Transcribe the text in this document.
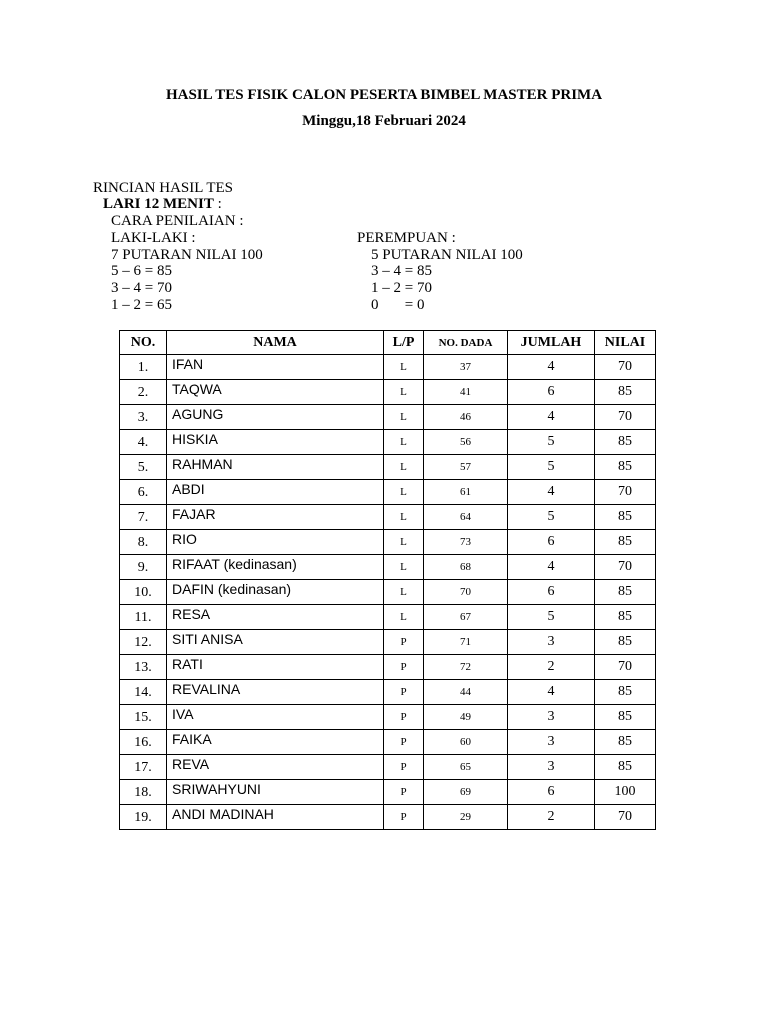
HASIL TES FISIK CALON PESERTA BIMBEL MASTER PRIMA
Minggu,18 Februari 2024
RINCIAN HASIL TES
LARI 12 MENIT :
CARA PENILAIAN :
LAKI-LAKI :
7 PUTARAN NILAI 100
5 – 6 = 85
3 – 4 = 70
1 – 2 = 65
PEREMPUAN :
5 PUTARAN NILAI 100
3 – 4 = 85
1 – 2 = 70
0       = 0
NO.	NAMA	L/P	NO. DADA	JUMLAH	NILAI
1.	IFAN	L	37	4	70
2.	TAQWA	L	41	6	85
3.	AGUNG	L	46	4	70
4.	HISKIA	L	56	5	85
5.	RAHMAN	L	57	5	85
6.	ABDI	L	61	4	70
7.	FAJAR	L	64	5	85
8.	RIO	L	73	6	85
9.	RIFAAT (kedinasan)	L	68	4	70
10.	DAFIN (kedinasan)	L	70	6	85
11.	RESA	L	67	5	85
12.	SITI ANISA	P	71	3	85
13.	RATI	P	72	2	70
14.	REVALINA	P	44	4	85
15.	IVA	P	49	3	85
16.	FAIKA	P	60	3	85
17.	REVA	P	65	3	85
18.	SRIWAHYUNI	P	69	6	100
19.	ANDI MADINAH	P	29	2	70
